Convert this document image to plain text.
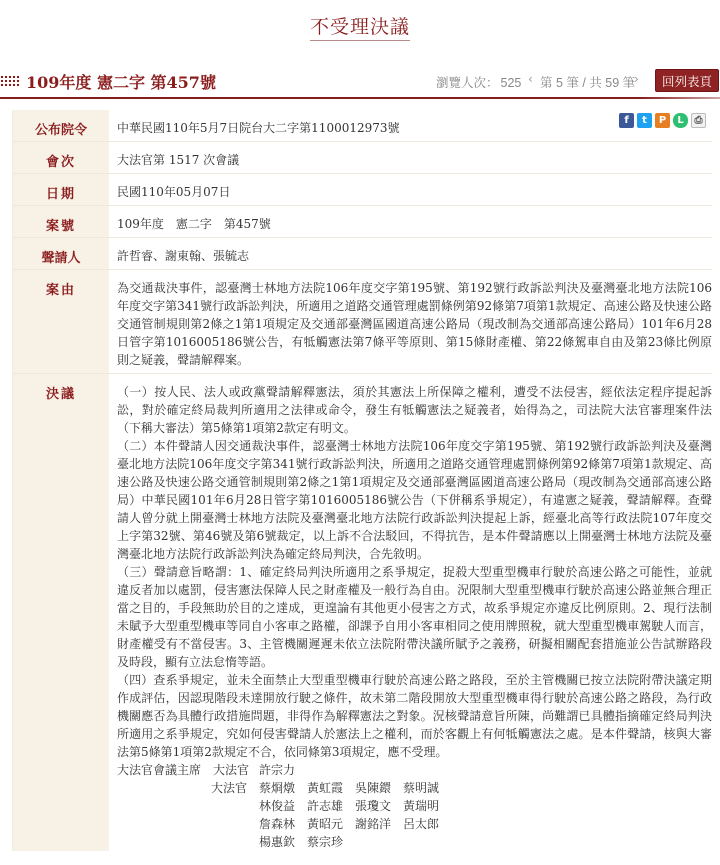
不受理決議
109年度 憲二字 第457號	瀏覽人次： 525 ‹ 第 5 筆 / 共 59 筆
›	回列表頁
公布院令	中華民國110年5月7日院台大二字第1100012973號
f	t	P	L	⎙
會次	大法官第 1517 次會議
日期	民國110年05月07日
案號	109年度　憲二字　第457號
聲請人	許哲睿、謝東翰、張毓志
案由	為交通裁決事件，認臺灣士林地方法院106年度交字第195號、第192號行政訴訟判決及臺灣臺北地方法院106年度交字第341號行政訴訟判決，所適用之道路交通管理處罰條例第92條第7項第1款規定、高速公路及快速公路交通管制規則第2條之1第1項規定及交通部臺灣區國道高速公路局（現改制為交通部高速公路局）101年6月28日管字第1016005186號公告，有牴觸憲法第7條平等原則、第15條財產權、第22條駕車自由及第23條比例原則之疑義，聲請解釋案。

決議	（一）按人民、法人或政黨聲請解釋憲法，須於其憲法上所保障之權利，遭受不法侵害，經依法定程序提起訴訟，對於確定終局裁判所適用之法律或命令，發生有牴觸憲法之疑義者，始得為之，司法院大法官審理案件法（下稱大審法）第5條第1項第2款定有明文。

（二）本件聲請人因交通裁決事件，認臺灣士林地方法院106年度交字第195號、第192號行政訴訟判決及臺灣臺北地方法院106年度交字第341號行政訴訟判決，所適用之道路交通管理處罰條例第92條第7項第1款規定、高速公路及快速公路交通管制規則第2條之1第1項規定及交通部臺灣區國道高速公路局（現改制為交通部高速公路局）中華民國101年6月28日管字第1016005186號公告（下併稱系爭規定），有違憲之疑義，聲請解釋。查聲請人曾分就上開臺灣士林地方法院及臺灣臺北地方法院行政訴訟判決提起上訴，經臺北高等行政法院107年度交上字第32號、第46號及第6號裁定，以上訴不合法駁回，不得抗告，是本件聲請應以上開臺灣士林地方法院及臺灣臺北地方法院行政訴訟判決為確定終局判決，合先敘明。

（三）聲請意旨略謂：1、確定終局判決所適用之系爭規定，捉殺大型重型機車行駛於高速公路之可能性，並就違反者加以處罰，侵害憲法保障人民之財產權及一般行為自由。況限制大型重型機車行駛於高速公路並無合理正當之目的，手段無助於目的之達成，更遑論有其他更小侵害之方式，故系爭規定亦違反比例原則。2、現行法制未賦予大型重型機車等同自小客車之路權，卻課予自用小客車相同之使用牌照稅，就大型重型機車駕駛人而言，財產權受有不當侵害。3、主管機關遲遲未依立法院附帶決議所賦予之義務，研擬相關配套措施並公告試辦路段及時段，顯有立法怠惰等語。

（四）查系爭規定，並未全面禁止大型重型機車行駛於高速公路之路段，至於主管機關已按立法院附帶決議定期作成評估，因認現階段未達開放行駛之條件，故未第二階段開放大型重型機車得行駛於高速公路之路段，為行政機關應否為具體行政措施問題，非得作為解釋憲法之對象。況核聲請意旨所陳，尚難謂已具體指摘確定終局判決所適用之系爭規定，究如何侵害聲請人於憲法上之權利，而於客觀上有何牴觸憲法之處。是本件聲請，核與大審法第5條第1項第2款規定不合，依同條第3項規定，應不受理。

大法官會議主席 大法官 許宗力
大法官 蔡烱燉 黃虹霞 吳陳鐶 蔡明誠
林俊益 許志雄 張瓊文 黃瑞明
詹森林 黃昭元 謝銘洋 呂太郎
楊惠欽 蔡宗珍
